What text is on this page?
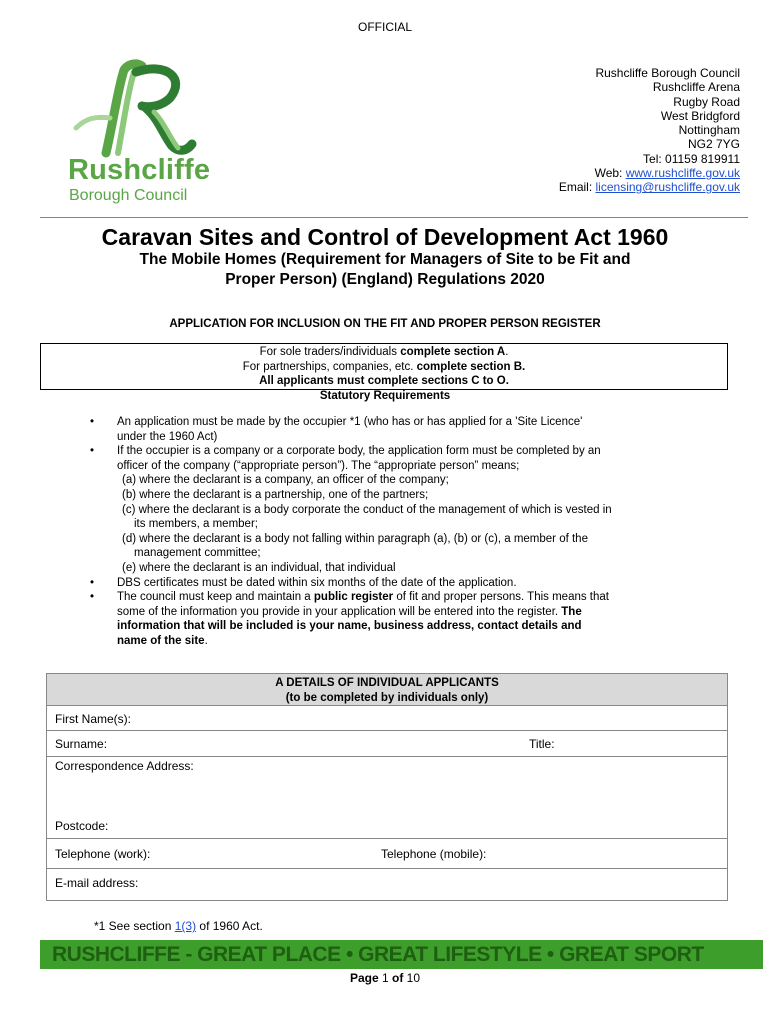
OFFICIAL
Rushcliffe
Borough Council
Rushcliffe Borough Council
Rushcliffe Arena
Rugby Road
West Bridgford
Nottingham
NG2 7YG
Tel: 01159 819911
Web: www.rushcliffe.gov.uk
Email: licensing@rushcliffe.gov.uk
Caravan Sites and Control of Development Act 1960
The Mobile Homes (Requirement for Managers of Site to be Fit and
Proper Person) (England) Regulations 2020
APPLICATION FOR INCLUSION ON THE FIT AND PROPER PERSON REGISTER
For sole traders/individuals complete section A.
For partnerships, companies, etc. complete section B.
All applicants must complete sections C to O.
Statutory Requirements
• An application must be made by the occupier *1 (who has or has applied for a 'Site Licence'
under the 1960 Act)
• If the occupier is a company or a corporate body, the application form must be completed by an
officer of the company (“appropriate person”). The “appropriate person” means;
(a) where the declarant is a company, an officer of the company;
(b) where the declarant is a partnership, one of the partners;
(c) where the declarant is a body corporate the conduct of the management of which is vested in
its members, a member;
(d) where the declarant is a body not falling within paragraph (a), (b) or (c), a member of the
management committee;
(e) where the declarant is an individual, that individual
• DBS certificates must be dated within six months of the date of the application.
• The council must keep and maintain a public register of fit and proper persons. This means that
some of the information you provide in your application will be entered into the register. The
information that will be included is your name, business address, contact details and
name of the site.
A DETAILS OF INDIVIDUAL APPLICANTS
(to be completed by individuals only)
First Name(s):
Surname:	Title:
Correspondence Address:
Postcode:
Telephone (work):	Telephone (mobile):
E-mail address:
*1 See section 1(3) of 1960 Act.
RUSHCLIFFE - GREAT PLACE • GREAT LIFESTYLE • GREAT SPORT
Page 1 of 10
